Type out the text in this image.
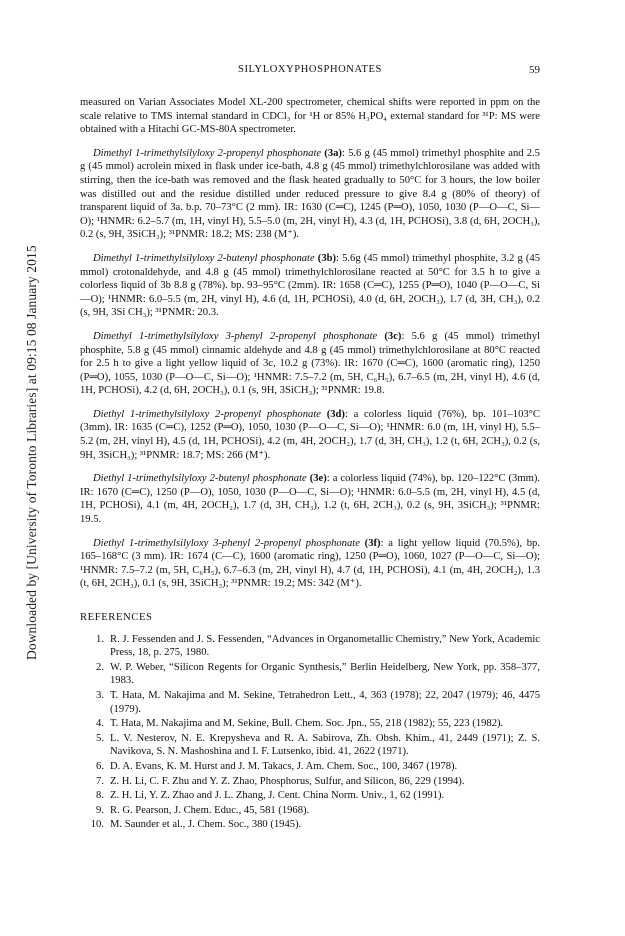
Downloaded by [University of Toronto Libraries] at 09:15 08 January 2015
SILYLOXYPHOSPHONATES	59

measured on Varian Associates Model XL-200 spectrometer, chemical shifts were reported in ppm on the scale relative to TMS internal standard in CDCl₃ for ¹H or 85% H₃PO₄ external standard for ³¹P: MS were obtained with a Hitachi GC-MS-80A spectrometer.

Dimethyl 1-trimethylsilyloxy 2-propenyl phosphonate (3a): 5.6 g (45 mmol) trimethyl phosphite and 2.5 g (45 mmol) acrolein mixed in flask under ice-bath, 4.8 g (45 mmol) trimethylchlorosilane was added with stirring, then the ice-bath was removed and the flask heated gradually to 50°C for 3 hours, the low boiler was distilled out and the residue distilled under reduced pressure to give 8.4 g (80% of theory) of transparent liquid of 3a. b.p. 70–73°C (2 mm). IR: 1630 (C═C), 1245 (P═O), 1050, 1030 (P—O—C, Si—O); ¹HNMR: 6.2–5.7 (m, 1H, vinyl H), 5.5–5.0 (m, 2H, vinyl H), 4.3 (d, 1H, PCHOSi), 3.8 (d, 6H, 2OCH₃), 0.2 (s, 9H, 3SiCH₃); ³¹PNMR: 18.2; MS: 238 (M⁺).

Dimethyl 1-trimethylsilyloxy 2-butenyl phosphonate (3b): 5.6g (45 mmol) trimethyl phosphite, 3.2 g (45 mmol) crotonaldehyde, and 4.8 g (45 mmol) trimethylchlorosilane reacted at 50°C for 3.5 h to give a colorless liquid of 3b 8.8 g (78%). bp. 93–95°C (2mm). IR: 1658 (C═C), 1255 (P═O), 1040 (P—O—C, Si—O); ¹HNMR: 6.0–5.5 (m, 2H, vinyl H), 4.6 (d, 1H, PCHOSi), 4.0 (d, 6H, 2OCH₃), 1.7 (d, 3H, CH₃), 0.2 (s, 9H, 3Si CH₃); ³¹PNMR: 20.3.

Dimethyl 1-trimethylsilyloxy 3-phenyl 2-propenyl phosphonate (3c): 5.6 g (45 mmol) trimethyl phosphite, 5.8 g (45 mmol) cinnamic aldehyde and 4.8 g (45 mmol) trimethylchlorosilane at 80°C reacted for 2.5 h to give a light yellow liquid of 3c, 10.2 g (73%). IR: 1670 (C═C), 1600 (aromatic ring), 1250 (P═O), 1055, 1030 (P—O—C, Si—O); ¹HNMR: 7.5–7.2 (m, 5H, C₆H₅), 6.7–6.5 (m, 2H, vinyl H), 4.6 (d, 1H, PCHOSi), 4.2 (d, 6H, 2OCH₃), 0.1 (s, 9H, 3SiCH₃); ³¹PNMR: 19.8.

Diethyl 1-trimethylsilyloxy 2-propenyl phosphonate (3d): a colorless liquid (76%), bp. 101–103°C (3mm). IR: 1635 (C═C), 1252 (P═O), 1050, 1030 (P—O—C, Si—O); ¹HNMR: 6.0 (m, 1H, vinyl H), 5.5–5.2 (m, 2H, vinyl H), 4.5 (d, 1H, PCHOSi), 4.2 (m, 4H, 2OCH₂), 1.7 (d, 3H, CH₃), 1.2 (t, 6H, 2CH₃), 0.2 (s, 9H, 3SiCH₃); ³¹PNMR: 18.7; MS: 266 (M⁺).

Diethyl 1-trimethylsilyloxy 2-butenyl phosphonate (3e): a colorless liquid (74%), bp. 120–122°C (3mm). IR: 1670 (C═C), 1250 (P—O), 1050, 1030 (P—O—C, Si—O); ¹HNMR: 6.0–5.5 (m, 2H, vinyl H), 4.5 (d, 1H, PCHOSi), 4.1 (m, 4H, 2OCH₂), 1.7 (d, 3H, CH₃), 1.2 (t, 6H, 2CH₃), 0.2 (s, 9H, 3SiCH₃); ³¹PNMR: 19.5.

Diethyl 1-trimethylsilyloxy 3-phenyl 2-propenyl phosphonate (3f): a light yellow liquid (70.5%), bp. 165–168°C (3 mm). IR: 1674 (C—C), 1600 (aromatic ring), 1250 (P═O), 1060, 1027 (P—O—C, Si—O); ¹HNMR: 7.5–7.2 (m, 5H, C₆H₅), 6.7–6.3 (m, 2H, vinyl H), 4.7 (d, 1H, PCHOSi), 4.1 (m, 4H, 2OCH₂), 1.3 (t, 6H, 2CH₃), 0.1 (s, 9H, 3SiCH₃); ³¹PNMR: 19.2; MS: 342 (M⁺).

REFERENCES
1. R. J. Fessenden and J. S. Fessenden, “Advances in Organometallic Chemistry,” New York, Academic Press, 18, p. 275, 1980.
2. W. P. Weber, “Silicon Regents for Organic Synthesis,” Berlin Heidelberg, New York, pp. 358–377, 1983.
3. T. Hata, M. Nakajima and M. Sekine, Tetrahedron Lett., 4, 363 (1978); 22, 2047 (1979); 46, 4475 (1979).
4. T. Hata, M. Nakajima and M. Sekine, Bull. Chem. Soc. Jpn., 55, 218 (1982); 55, 223 (1982).
5. L. V. Nesterov, N. E. Krepysheva and R. A. Sabirova, Zh. Obsh. Khim., 41, 2449 (1971); Z. S. Navikova, S. N. Mashoshina and I. F. Lutsenko, ibid. 41, 2622 (1971).
6. D. A. Evans, K. M. Hurst and J. M. Takacs, J. Am. Chem. Soc., 100, 3467 (1978).
7. Z. H. Li, C. F. Zhu and Y. Z. Zhao, Phosphorus, Sulfur, and Silicon, 86, 229 (1994).
8. Z. H. Li, Y. Z. Zhao and J. L. Zhang, J. Cent. China Norm. Univ., 1, 62 (1991).
9. R. G. Pearson, J. Chem. Educ., 45, 581 (1968).
10. M. Saunder et al., J. Chem. Soc., 380 (1945).
